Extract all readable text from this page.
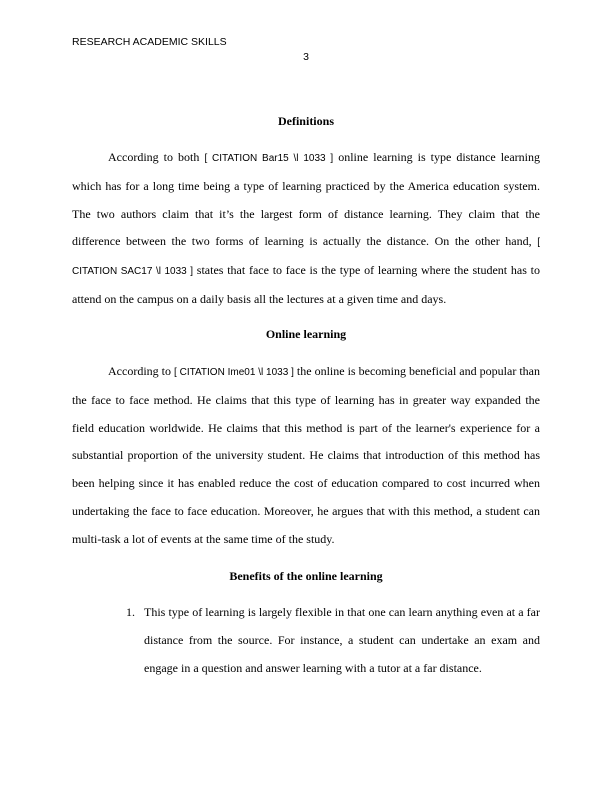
RESEARCH ACADEMIC SKILLS
3
Definitions

According to both [ CITATION Bar15 \l 1033 ] online learning is type distance learning which has for a long time being a type of learning practiced by the America education system. The two authors claim that it’s the largest form of distance learning. They claim that the difference between the two forms of learning is actually the distance. On the other hand, [ CITATION SAC17 \l 1033 ] states that face to face is the type of learning where the student has to attend on the campus on a daily basis all the lectures at a given time and days.

Online learning

According to [ CITATION Ime01 \l 1033 ] the online is becoming beneficial and popular than the face to face method. He claims that this type of learning has in greater way expanded the field education worldwide. He claims that this method is part of the learner's experience for a substantial proportion of the university student. He claims that introduction of this method has been helping since it has enabled reduce the cost of education compared to cost incurred when undertaking the face to face education. Moreover, he argues that with this method, a student can multi-task a lot of events at the same time of the study.

Benefits of the online learning
1. This type of learning is largely flexible in that one can learn anything even at a far distance from the source. For instance, a student can undertake an exam and engage in a question and answer learning with a tutor at a far distance.
